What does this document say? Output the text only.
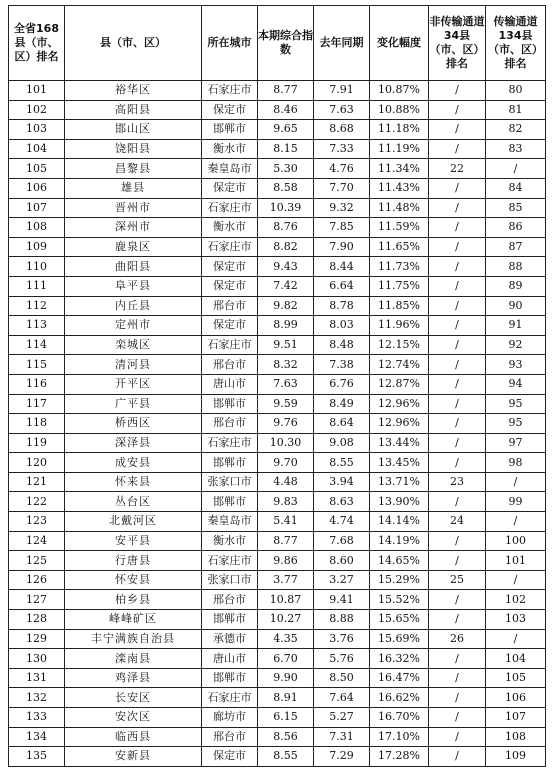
全省168县（市、区）排名	县（市、区）	所在城市	本期综合指数	去年同期	变化幅度	非传输通道34县（市、区）排名	传输通道134县（市、区）排名
101	裕华区	石家庄市	8.77	7.91	10.87%	/	80
102	高阳县	保定市	8.46	7.63	10.88%	/	81
103	邯山区	邯郸市	9.65	8.68	11.18%	/	82
104	饶阳县	衡水市	8.15	7.33	11.19%	/	83
105	昌黎县	秦皇岛市	5.30	4.76	11.34%	22	/
106	雄县	保定市	8.58	7.70	11.43%	/	84
107	晋州市	石家庄市	10.39	9.32	11.48%	/	85
108	深州市	衡水市	8.76	7.85	11.59%	/	86
109	鹿泉区	石家庄市	8.82	7.90	11.65%	/	87
110	曲阳县	保定市	9.43	8.44	11.73%	/	88
111	阜平县	保定市	7.42	6.64	11.75%	/	89
112	内丘县	邢台市	9.82	8.78	11.85%	/	90
113	定州市	保定市	8.99	8.03	11.96%	/	91
114	栾城区	石家庄市	9.51	8.48	12.15%	/	92
115	清河县	邢台市	8.32	7.38	12.74%	/	93
116	开平区	唐山市	7.63	6.76	12.87%	/	94
117	广平县	邯郸市	9.59	8.49	12.96%	/	95
118	桥西区	邢台市	9.76	8.64	12.96%	/	95
119	深泽县	石家庄市	10.30	9.08	13.44%	/	97
120	成安县	邯郸市	9.70	8.55	13.45%	/	98
121	怀来县	张家口市	4.48	3.94	13.71%	23	/
122	丛台区	邯郸市	9.83	8.63	13.90%	/	99
123	北戴河区	秦皇岛市	5.41	4.74	14.14%	24	/
124	安平县	衡水市	8.77	7.68	14.19%	/	100
125	行唐县	石家庄市	9.86	8.60	14.65%	/	101
126	怀安县	张家口市	3.77	3.27	15.29%	25	/
127	柏乡县	邢台市	10.87	9.41	15.52%	/	102
128	峰峰矿区	邯郸市	10.27	8.88	15.65%	/	103
129	丰宁满族自治县	承德市	4.35	3.76	15.69%	26	/
130	滦南县	唐山市	6.70	5.76	16.32%	/	104
131	鸡泽县	邯郸市	9.90	8.50	16.47%	/	105
132	长安区	石家庄市	8.91	7.64	16.62%	/	106
133	安次区	廊坊市	6.15	5.27	16.70%	/	107
134	临西县	邢台市	8.56	7.31	17.10%	/	108
135	安新县	保定市	8.55	7.29	17.28%	/	109
